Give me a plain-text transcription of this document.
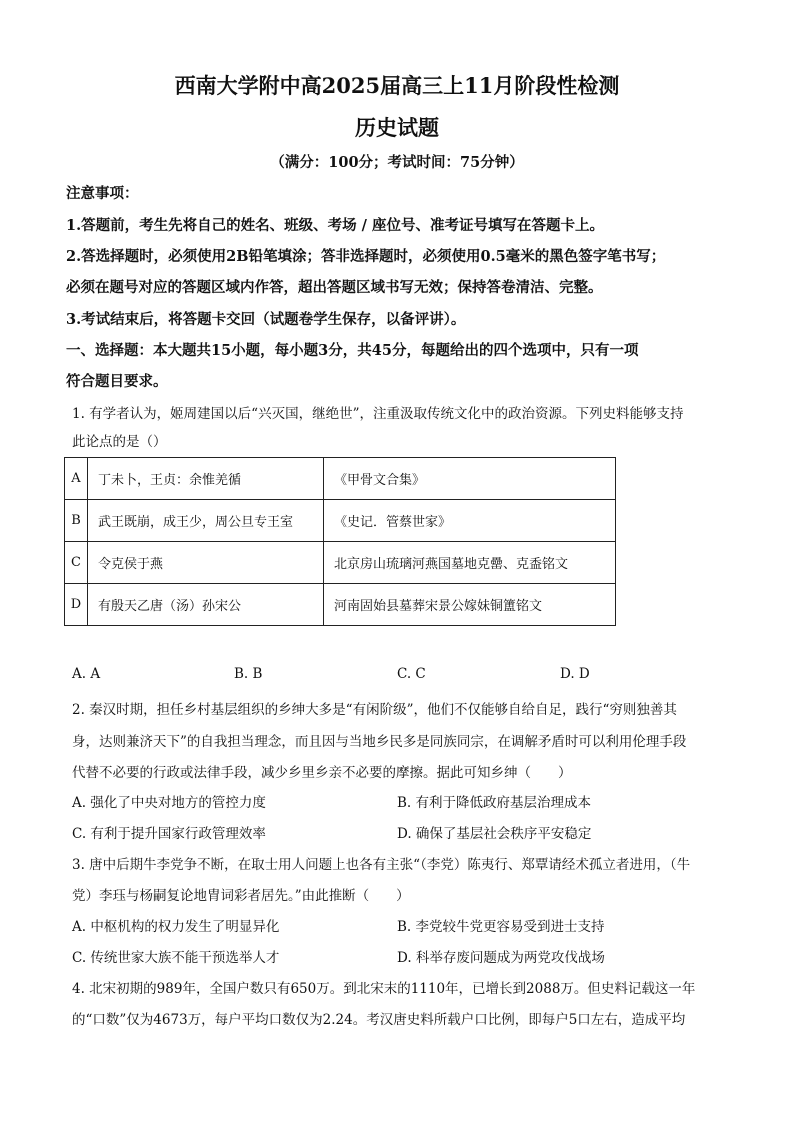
西南大学附中高2025届高三上11月阶段性检测
历史试题
（满分：100分；考试时间：75分钟）
注意事项：
1.答题前，考生先将自己的姓名、班级、考场 / 座位号、准考证号填写在答题卡上。
2.答选择题时，必须使用2B铅笔填涂；答非选择题时，必须使用0.5毫米的黑色签字笔书写；
必须在题号对应的答题区域内作答，超出答题区域书写无效；保持答卷清洁、完整。
3.考试结束后，将答题卡交回（试题卷学生保存，以备评讲）。
一、选择题：本大题共15小题，每小题3分，共45分，每题给出的四个选项中，只有一项
符合题目要求。
1. 有学者认为，姬周建国以后“兴灭国，继绝世”，注重汲取传统文化中的政治资源。下列史料能够支持
此论点的是（）
A	丁未卜，王贞：余惟羌循	《甲骨文合集》
B	武王既崩，成王少，周公旦专王室	《史记．管蔡世家》
C	令克侯于燕	北京房山琉璃河燕国墓地克罍、克盉铭文
D	有殷天乙唐（汤）孙宋公	河南固始县墓葬宋景公嫁妹铜簠铭文
A. A	B. B	C. C	D. D
2. 秦汉时期，担任乡村基层组织的乡绅大多是“有闲阶级”，他们不仅能够自给自足，践行“穷则独善其
身，达则兼济天下”的自我担当理念，而且因与当地乡民多是同族同宗，在调解矛盾时可以利用伦理手段
代替不必要的行政或法律手段，减少乡里乡亲不必要的摩擦。据此可知乡绅（　　）
A. 强化了中央对地方的管控力度	B. 有利于降低政府基层治理成本
C. 有利于提升国家行政管理效率	D. 确保了基层社会秩序平安稳定
3. 唐中后期牛李党争不断，在取士用人问题上也各有主张“（李党）陈夷行、郑覃请经术孤立者进用，（牛
党）李珏与杨嗣复论地胄词彩者居先。”由此推断（　　）
A. 中枢机构的权力发生了明显异化	B. 李党较牛党更容易受到进士支持
C. 传统世家大族不能干预选举人才	D. 科举存废问题成为两党攻伐战场
4. 北宋初期的989年，全国户数只有650万。到北宋末的1110年，已增长到2088万。但史料记载这一年
的“口数”仅为4673万，每户平均口数仅为2.24。考汉唐史料所载户口比例，即每户5口左右，造成平均
